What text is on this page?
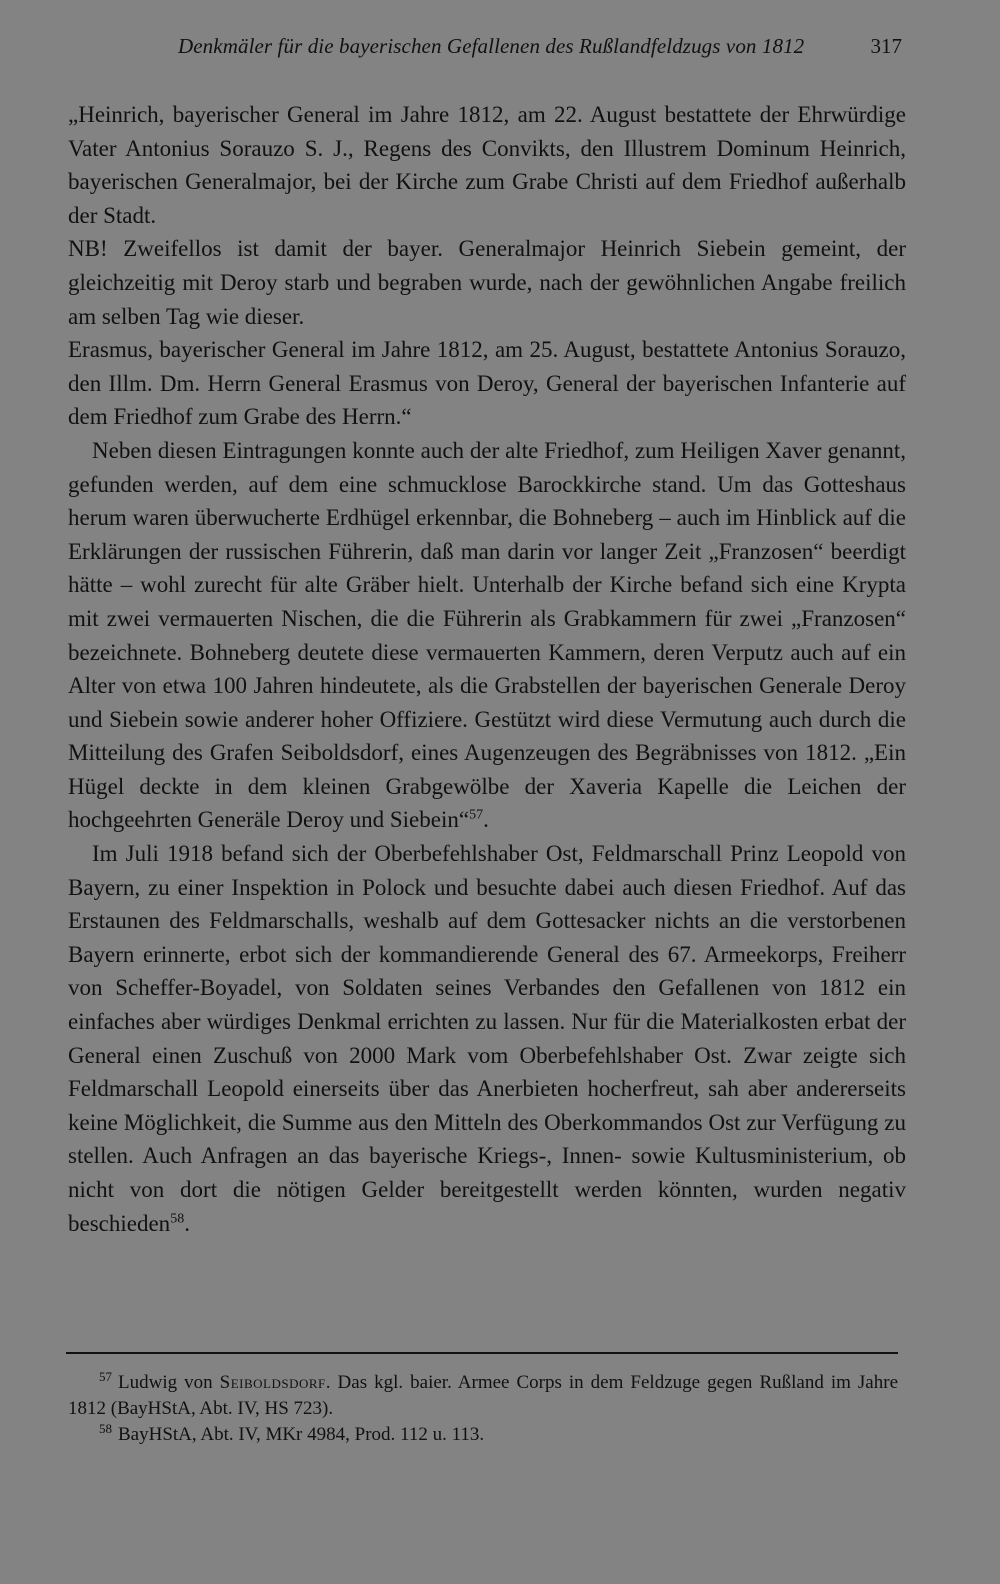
Denkmäler für die bayerischen Gefallenen des Rußlandfeldzugs von 1812	317

„Heinrich, bayerischer General im Jahre 1812, am 22. August bestattete der Ehrwürdige Vater Antonius Sorauzo S. J., Regens des Convikts, den Illustrem Dominum Heinrich, bayerischen Generalmajor, bei der Kirche zum Grabe Christi auf dem Friedhof außerhalb der Stadt.

NB! Zweifellos ist damit der bayer. Generalmajor Heinrich Siebein gemeint, der gleichzeitig mit Deroy starb und begraben wurde, nach der gewöhnlichen Angabe freilich am selben Tag wie dieser.

Erasmus, bayerischer General im Jahre 1812, am 25. August, bestattete Antonius Sorauzo, den Illm. Dm. Herrn General Erasmus von Deroy, General der bayerischen Infanterie auf dem Friedhof zum Grabe des Herrn.“

Neben diesen Eintragungen konnte auch der alte Friedhof, zum Heiligen Xaver genannt, gefunden werden, auf dem eine schmucklose Barockkirche stand. Um das Gotteshaus herum waren überwucherte Erdhügel erkennbar, die Bohneberg – auch im Hinblick auf die Erklärungen der russischen Führerin, daß man darin vor langer Zeit „Franzosen“ beerdigt hätte – wohl zurecht für alte Gräber hielt. Unterhalb der Kirche befand sich eine Krypta mit zwei vermauerten Nischen, die die Führerin als Grabkammern für zwei „Franzosen“ bezeichnete. Bohneberg deutete diese vermauerten Kammern, deren Verputz auch auf ein Alter von etwa 100 Jahren hindeutete, als die Grabstellen der bayerischen Generale Deroy und Siebein sowie anderer hoher Offiziere. Gestützt wird diese Vermutung auch durch die Mitteilung des Grafen Seiboldsdorf, eines Augenzeugen des Begräbnisses von 1812. „Ein Hügel deckte in dem kleinen Grabgewölbe der Xaveria Kapelle die Leichen der hochgeehrten Generäle Deroy und Siebein“$^{57}$.

Im Juli 1918 befand sich der Oberbefehlshaber Ost, Feldmarschall Prinz Leopold von Bayern, zu einer Inspektion in Polock und besuchte dabei auch diesen Friedhof. Auf das Erstaunen des Feldmarschalls, weshalb auf dem Gottesacker nichts an die verstorbenen Bayern erinnerte, erbot sich der kommandierende General des 67. Armeekorps, Freiherr von Scheffer-Boyadel, von Soldaten seines Verbandes den Gefallenen von 1812 ein einfaches aber würdiges Denkmal errichten zu lassen. Nur für die Materialkosten erbat der General einen Zuschuß von 2000 Mark vom Oberbefehlshaber Ost. Zwar zeigte sich Feldmarschall Leopold einerseits über das Anerbieten hocherfreut, sah aber andererseits keine Möglichkeit, die Summe aus den Mitteln des Oberkommandos Ost zur Verfügung zu stellen. Auch Anfragen an das bayerische Kriegs-, Innen- sowie Kultusministerium, ob nicht von dort die nötigen Gelder bereitgestellt werden könnten, wurden negativ beschieden$^{58}$.

57 Ludwig von Seiboldsdorf. Das kgl. baier. Armee Corps in dem Feldzuge gegen Rußland im Jahre 1812 (BayHStA, Abt. IV, HS 723).

58 BayHStA, Abt. IV, MKr 4984, Prod. 112 u. 113.
